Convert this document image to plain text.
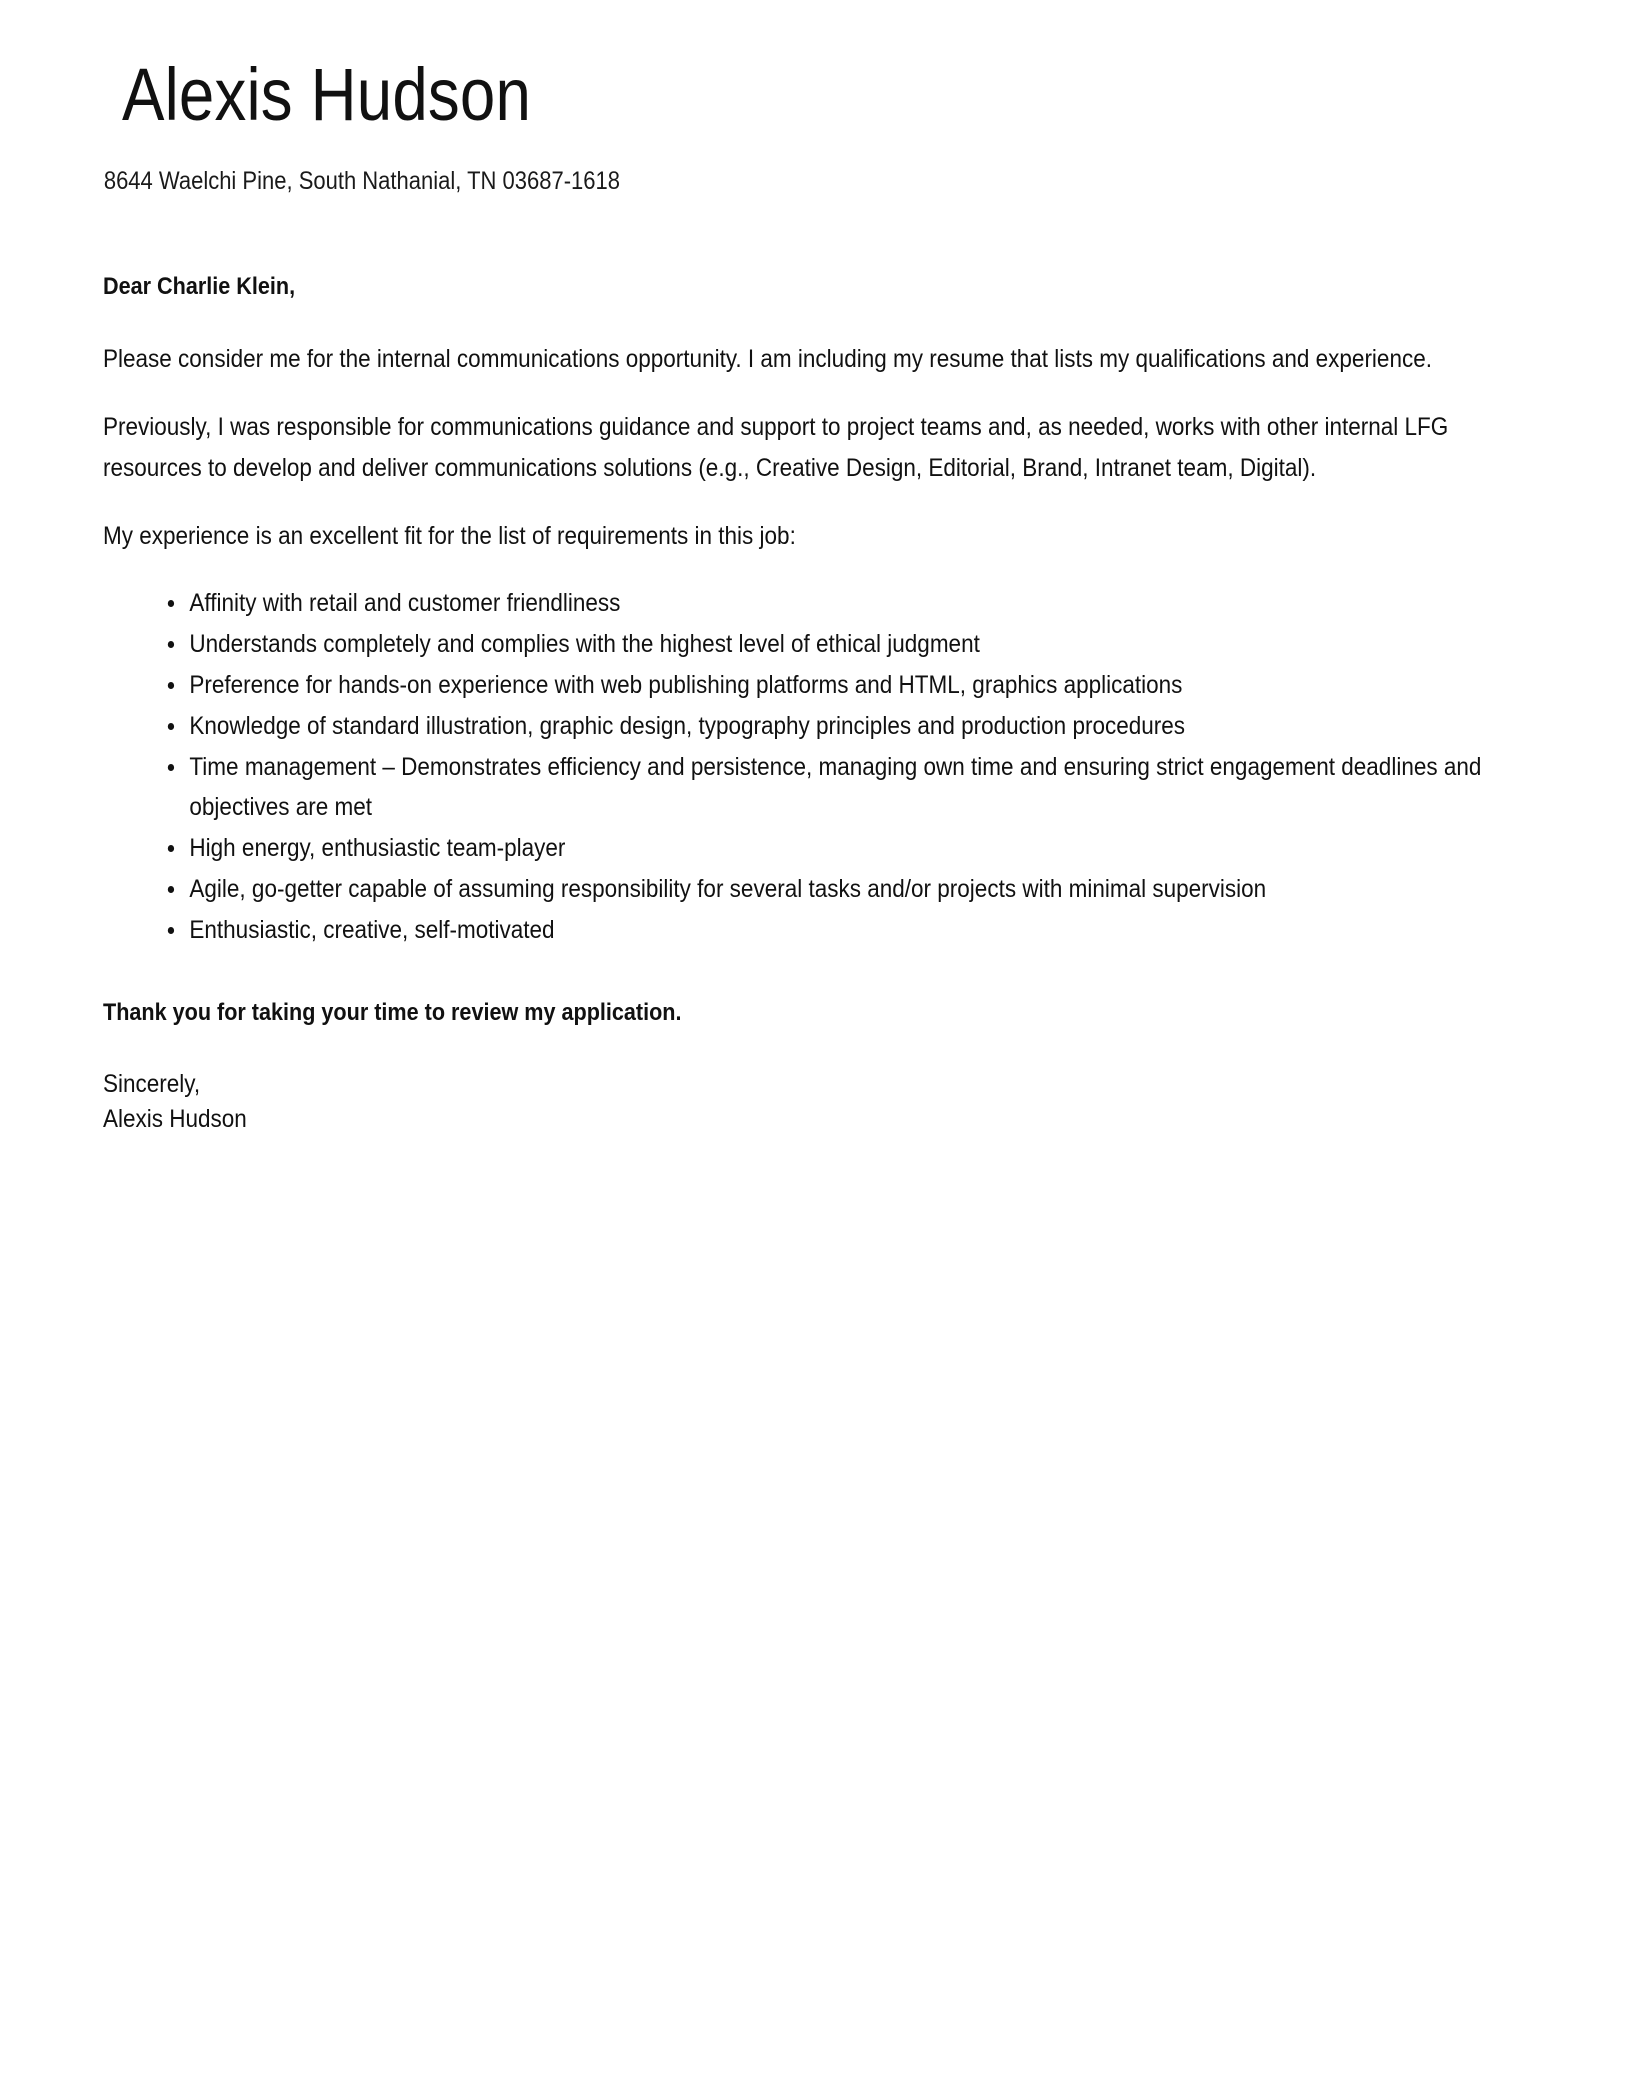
Alexis Hudson
8644 Waelchi Pine, South Nathanial, TN 03687-1618
Dear Charlie Klein,

Please consider me for the internal communications opportunity. I am including my resume that lists my qualifications and experience.

Previously, I was responsible for communications guidance and support to project teams and, as needed, works with other internal LFG resources to develop and deliver communications solutions (e.g., Creative Design, Editorial, Brand, Intranet team, Digital).

My experience is an excellent fit for the list of requirements in this job:

Affinity with retail and customer friendliness
Understands completely and complies with the highest level of ethical judgment
Preference for hands-on experience with web publishing platforms and HTML, graphics applications
Knowledge of standard illustration, graphic design, typography principles and production procedures
Time management – Demonstrates efficiency and persistence, managing own time and ensuring strict engagement deadlines and objectives are met
High energy, enthusiastic team-player
Agile, go-getter capable of assuming responsibility for several tasks and/or projects with minimal supervision
Enthusiastic, creative, self-motivated
Thank you for taking your time to review my application.
Sincerely,
Alexis Hudson
